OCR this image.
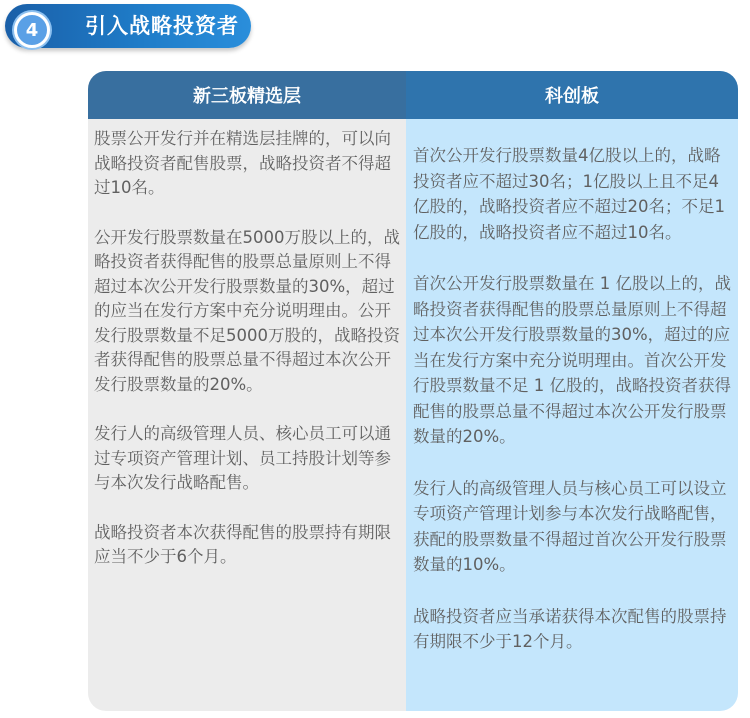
4	引入战略投资者
新三板精选层

股票公开发行并在精选层挂牌的，可以向战略投资者配售股票，战略投资者不得超过10名。

公开发行股票数量在5000万股以上的，战略投资者获得配售的股票总量原则上不得超过本次公开发行股票数量的30%，超过的应当在发行方案中充分说明理由。公开发行股票数量不足5000万股的，战略投资者获得配售的股票总量不得超过本次公开发行股票数量的20%。

发行人的高级管理人员、核心员工可以通过专项资产管理计划、员工持股计划等参与本次发行战略配售。

战略投资者本次获得配售的股票持有期限应当不少于6个月。

科创板

首次公开发行股票数量4亿股以上的，战略投资者应不超过30名；1亿股以上且不足4亿股的，战略投资者应不超过20名；不足1亿股的，战略投资者应不超过10名。

首次公开发行股票数量在 1 亿股以上的，战略投资者获得配售的股票总量原则上不得超过本次公开发行股票数量的30%，超过的应当在发行方案中充分说明理由。首次公开发行股票数量不足 1 亿股的，战略投资者获得配售的股票总量不得超过本次公开发行股票数量的20%。

发行人的高级管理人员与核心员工可以设立专项资产管理计划参与本次发行战略配售，获配的股票数量不得超过首次公开发行股票数量的10%。

战略投资者应当承诺获得本次配售的股票持有期限不少于12个月。
